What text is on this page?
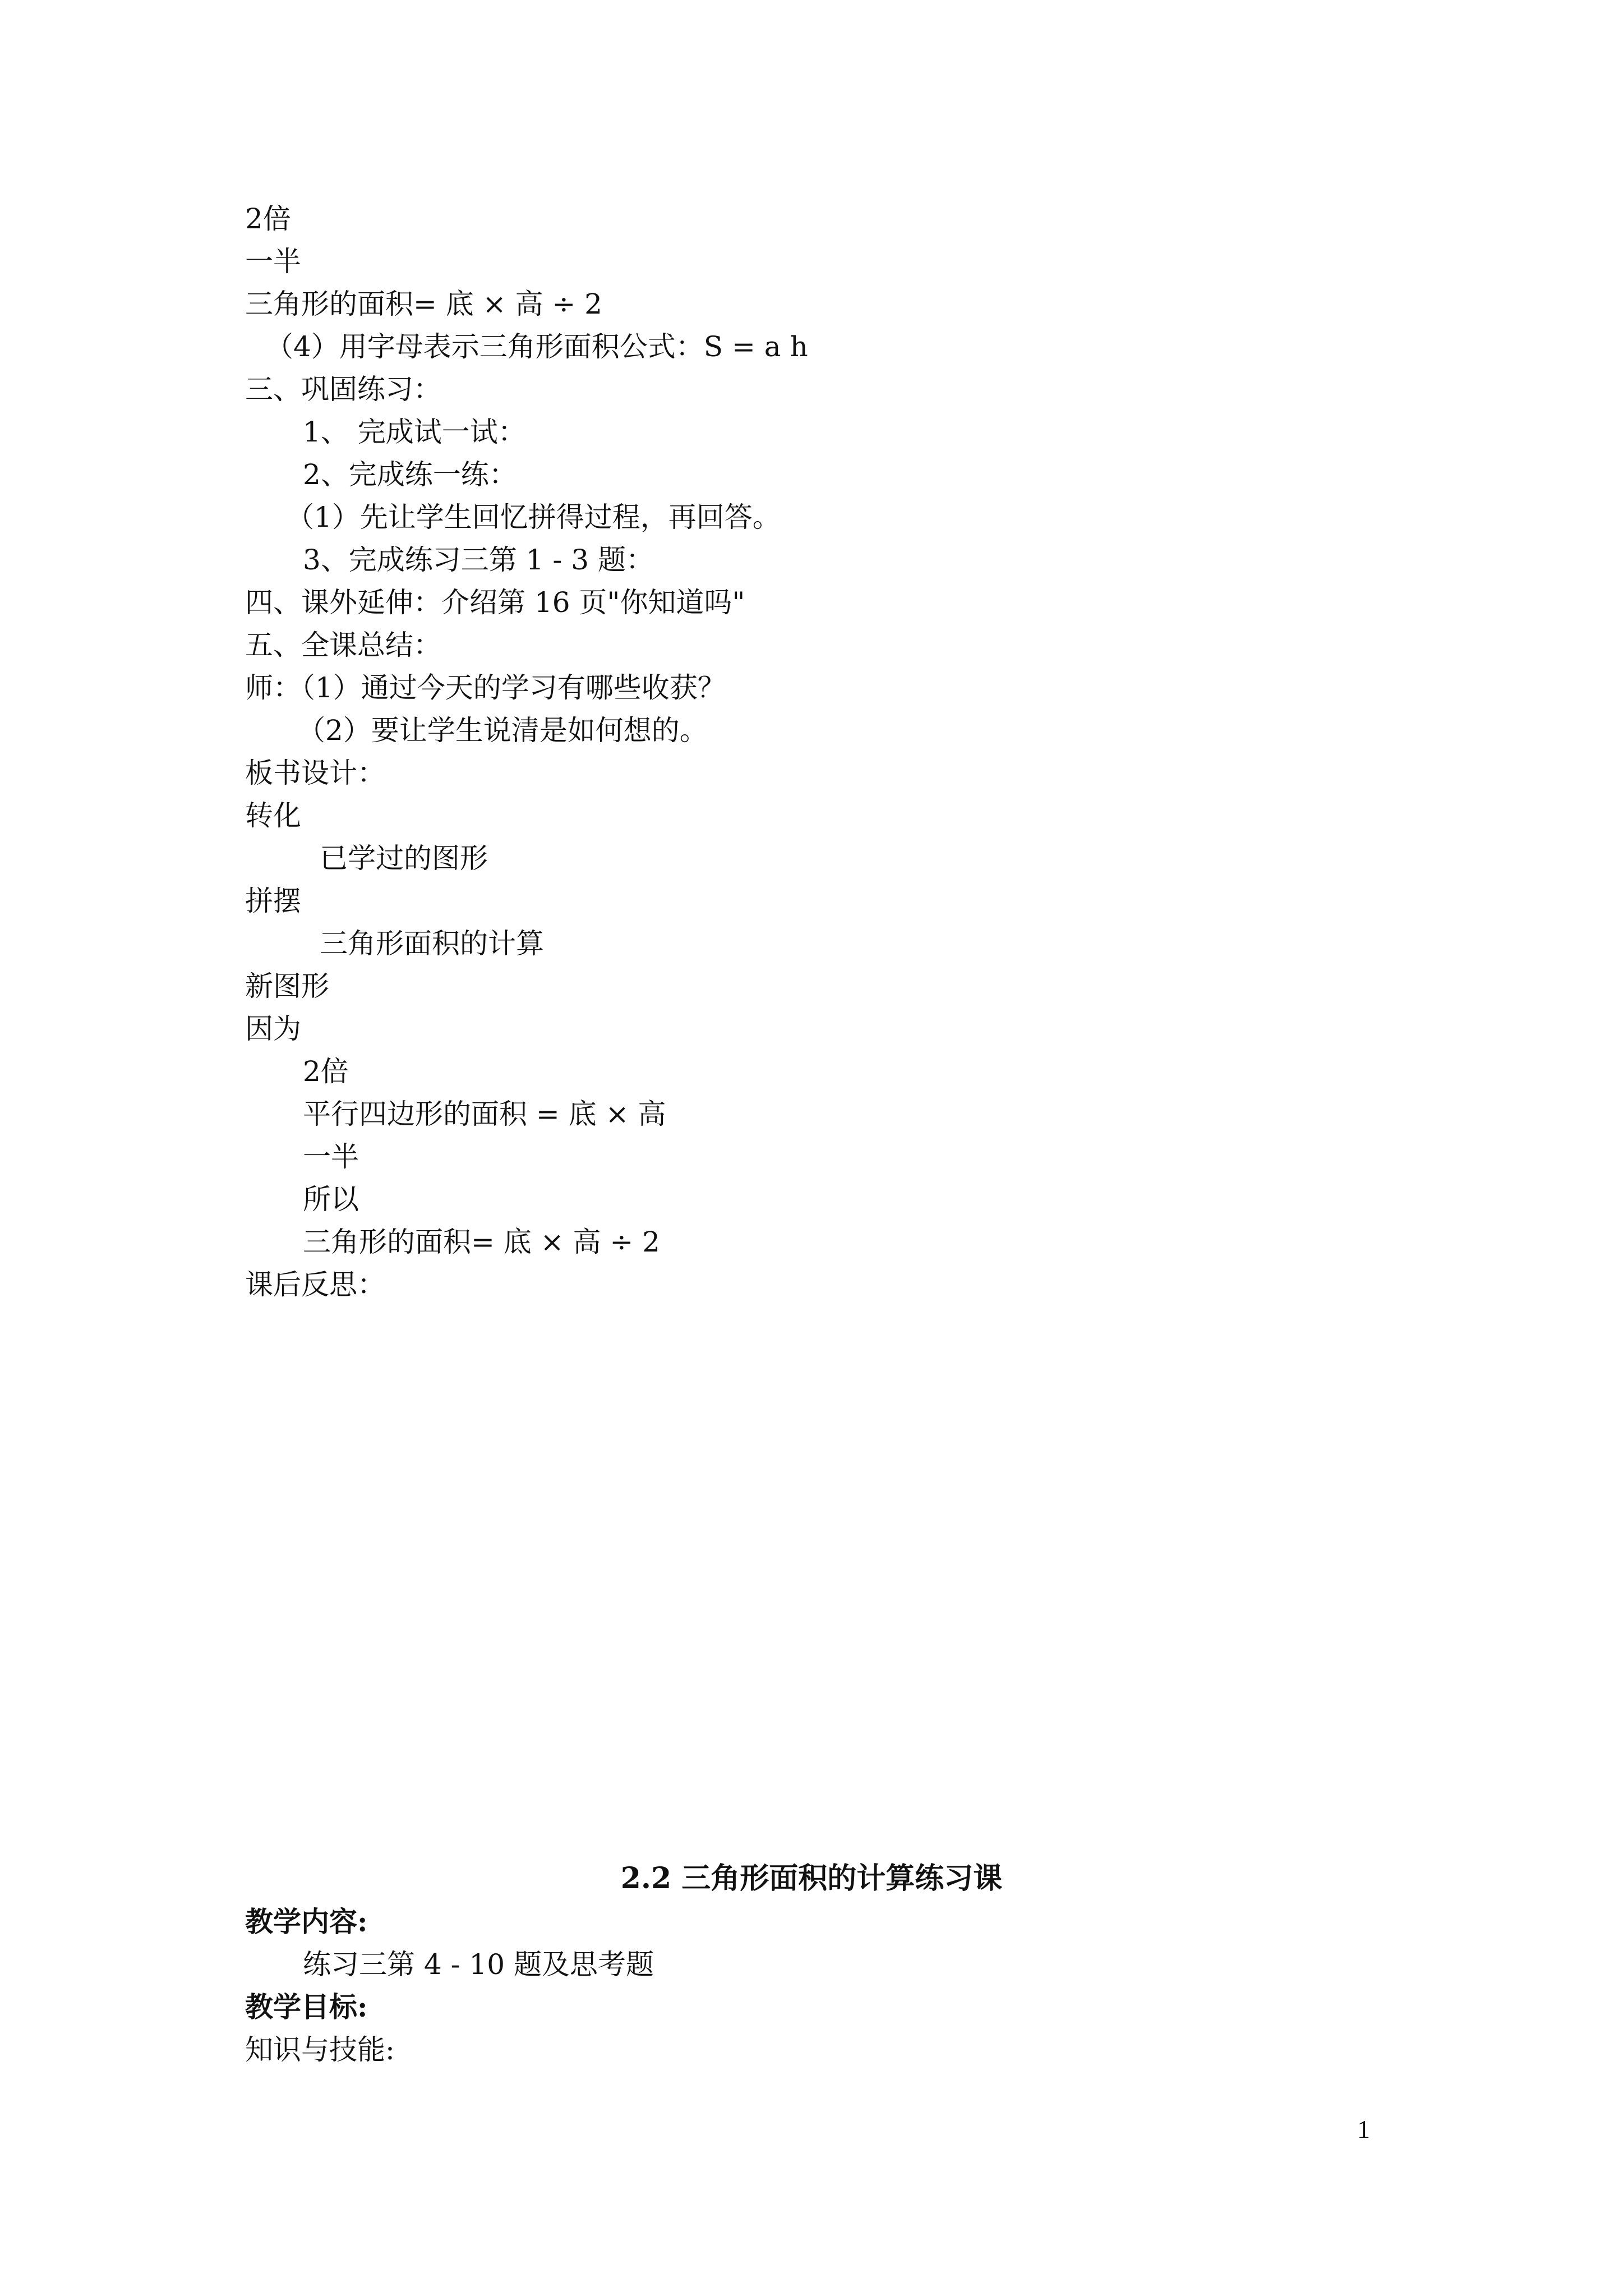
2倍
一半
三角形的面积= 底 × 高 ÷ 2
（4）用字母表示三角形面积公式：S = a h
三、巩固练习：
1、 完成试一试：
2、完成练一练：
（1）先让学生回忆拼得过程，再回答。
3、完成练习三第 1 - 3 题：
四、课外延伸：介绍第 16 页"你知道吗"
五、全课总结：
师：（1）通过今天的学习有哪些收获？
（2）要让学生说清是如何想的。
板书设计：
转化
已学过的图形
拼摆
三角形面积的计算
新图形
因为
2倍
平行四边形的面积 = 底 × 高
一半
所以
三角形的面积= 底 × 高 ÷ 2
课后反思：
2.2 三角形面积的计算练习课
教学内容:
练习三第 4 - 10 题及思考题
教学目标:
知识与技能:
1
